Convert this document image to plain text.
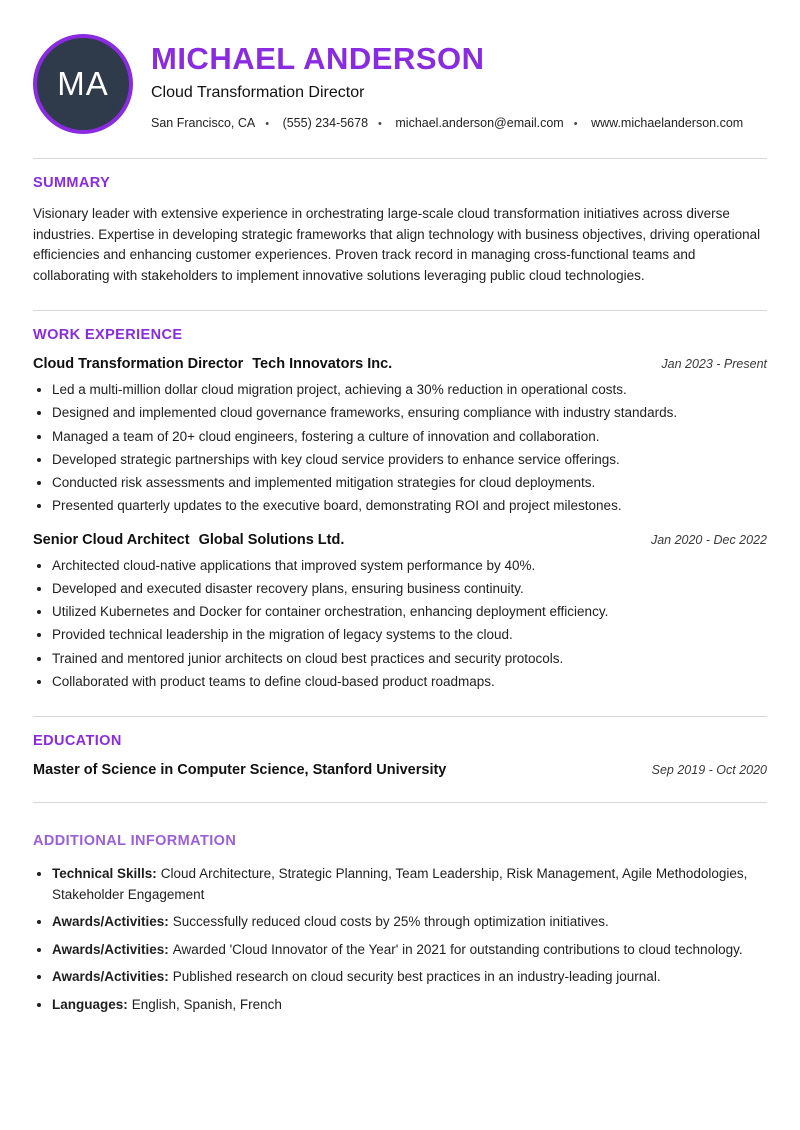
MA
MICHAEL ANDERSON
Cloud Transformation Director
San Francisco, CA • (555) 234-5678 • michael.anderson@email.com • www.michaelanderson.com
SUMMARY

Visionary leader with extensive experience in orchestrating large-scale cloud transformation initiatives across diverse industries. Expertise in developing strategic frameworks that align technology with business objectives, driving operational efficiencies and enhancing customer experiences. Proven track record in managing cross-functional teams and collaborating with stakeholders to implement innovative solutions leveraging public cloud technologies.

WORK EXPERIENCE
Cloud Transformation Director Tech Innovators Inc.	Jan 2023 - Present
• Led a multi-million dollar cloud migration project, achieving a 30% reduction in operational costs.
• Designed and implemented cloud governance frameworks, ensuring compliance with industry standards.
• Managed a team of 20+ cloud engineers, fostering a culture of innovation and collaboration.
• Developed strategic partnerships with key cloud service providers to enhance service offerings.
• Conducted risk assessments and implemented mitigation strategies for cloud deployments.
• Presented quarterly updates to the executive board, demonstrating ROI and project milestones.
Senior Cloud Architect Global Solutions Ltd.	Jan 2020 - Dec 2022
• Architected cloud-native applications that improved system performance by 40%.
• Developed and executed disaster recovery plans, ensuring business continuity.
• Utilized Kubernetes and Docker for container orchestration, enhancing deployment efficiency.
• Provided technical leadership in the migration of legacy systems to the cloud.
• Trained and mentored junior architects on cloud best practices and security protocols.
• Collaborated with product teams to define cloud-based product roadmaps.
EDUCATION
Master of Science in Computer Science, Stanford University	Sep 2019 - Oct 2020
ADDITIONAL INFORMATION
• Technical Skills: Cloud Architecture, Strategic Planning, Team Leadership, Risk Management, Agile Methodologies, Stakeholder Engagement
• Awards/Activities: Successfully reduced cloud costs by 25% through optimization initiatives.
• Awards/Activities: Awarded 'Cloud Innovator of the Year' in 2021 for outstanding contributions to cloud technology.
• Awards/Activities: Published research on cloud security best practices in an industry-leading journal.
• Languages: English, Spanish, French
